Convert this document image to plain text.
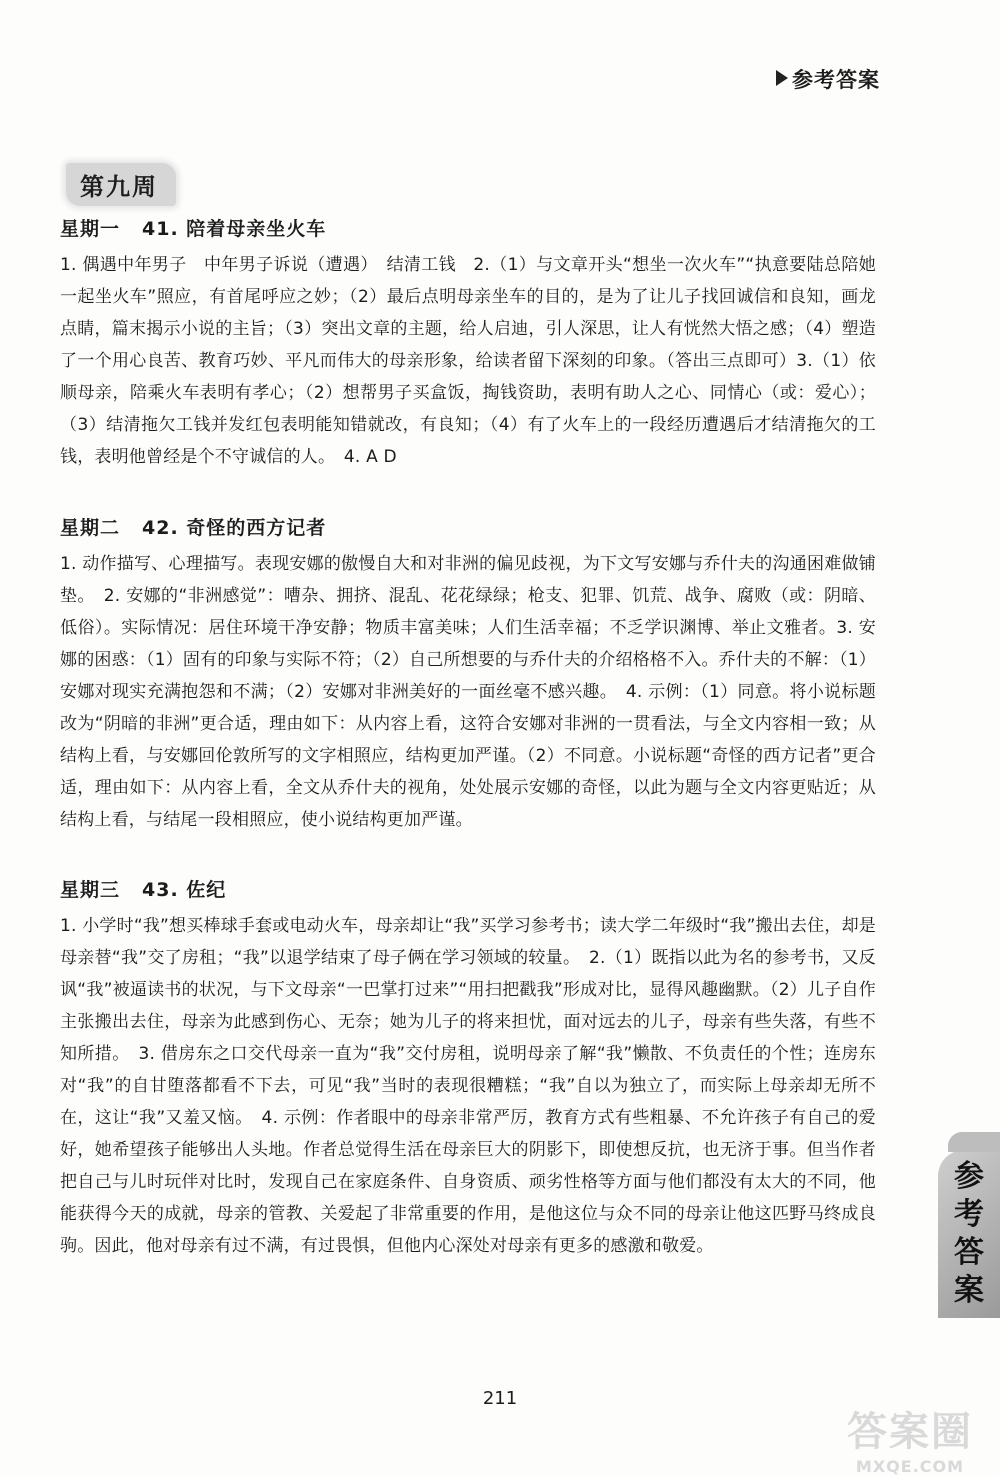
参考答案
第九周
星期一 41. 陪着母亲坐火车

1. 偶遇中年男子　中年男子诉说（遭遇）　结清工钱　2.（1）与文章开头“想坐一次火车”“执意要陆总陪她一起坐火车”照应，有首尾呼应之妙；（2）最后点明母亲坐车的目的，是为了让儿子找回诚信和良知，画龙点睛，篇末揭示小说的主旨；（3）突出文章的主题，给人启迪，引人深思，让人有恍然大悟之感；（4）塑造了一个用心良苦、教育巧妙、平凡而伟大的母亲形象，给读者留下深刻的印象。（答出三点即可）3.（1）依顺母亲，陪乘火车表明有孝心；（2）想帮男子买盒饭，掏钱资助，表明有助人之心、同情心（或：爱心）；（3）结清拖欠工钱并发红包表明能知错就改，有良知；（4）有了火车上的一段经历遭遇后才结清拖欠的工钱，表明他曾经是个不守诚信的人。　4. A D

星期二 42. 奇怪的西方记者

1. 动作描写、心理描写。表现安娜的傲慢自大和对非洲的偏见歧视，为下文写安娜与乔什夫的沟通困难做铺垫。　2. 安娜的“非洲感觉”：嘈杂、拥挤、混乱、花花绿绿；枪支、犯罪、饥荒、战争、腐败（或：阴暗、低俗）。实际情况：居住环境干净安静；物质丰富美味；人们生活幸福；不乏学识渊博、举止文雅者。3. 安娜的困惑：（1）固有的印象与实际不符；（2）自己所想要的与乔什夫的介绍格格不入。乔什夫的不解：（1）安娜对现实充满抱怨和不满；（2）安娜对非洲美好的一面丝毫不感兴趣。　4. 示例：（1）同意。将小说标题改为“阴暗的非洲”更合适，理由如下：从内容上看，这符合安娜对非洲的一贯看法，与全文内容相一致；从结构上看，与安娜回伦敦所写的文字相照应，结构更加严谨。（2）不同意。小说标题“奇怪的西方记者”更合适，理由如下：从内容上看，全文从乔什夫的视角，处处展示安娜的奇怪，以此为题与全文内容更贴近；从结构上看，与结尾一段相照应，使小说结构更加严谨。

星期三 43. 佐纪

1. 小学时“我”想买棒球手套或电动火车，母亲却让“我”买学习参考书；读大学二年级时“我”搬出去住，却是母亲替“我”交了房租；“我”以退学结束了母子俩在学习领域的较量。　2.（1）既指以此为名的参考书，又反讽“我”被逼读书的状况，与下文母亲“一巴掌打过来”“用扫把戳我”形成对比，显得风趣幽默。（2）儿子自作主张搬出去住，母亲为此感到伤心、无奈；她为儿子的将来担忧，面对远去的儿子，母亲有些失落，有些不知所措。　3. 借房东之口交代母亲一直为“我”交付房租，说明母亲了解“我”懒散、不负责任的个性；连房东对“我”的自甘堕落都看不下去，可见“我”当时的表现很糟糕；“我”自以为独立了，而实际上母亲却无所不在，这让“我”又羞又恼。　4. 示例：作者眼中的母亲非常严厉，教育方式有些粗暴、不允许孩子有自己的爱好，她希望孩子能够出人头地。作者总觉得生活在母亲巨大的阴影下，即使想反抗，也无济于事。但当作者把自己与儿时玩伴对比时，发现自己在家庭条件、自身资质、顽劣性格等方面与他们都没有太大的不同，他能获得今天的成就，母亲的管教、关爱起了非常重要的作用，是他这位与众不同的母亲让他这匹野马终成良驹。因此，他对母亲有过不满，有过畏惧，但他内心深处对母亲有更多的感激和敬爱。

参
考
答
案
211
答案圈
MXQE.COM
